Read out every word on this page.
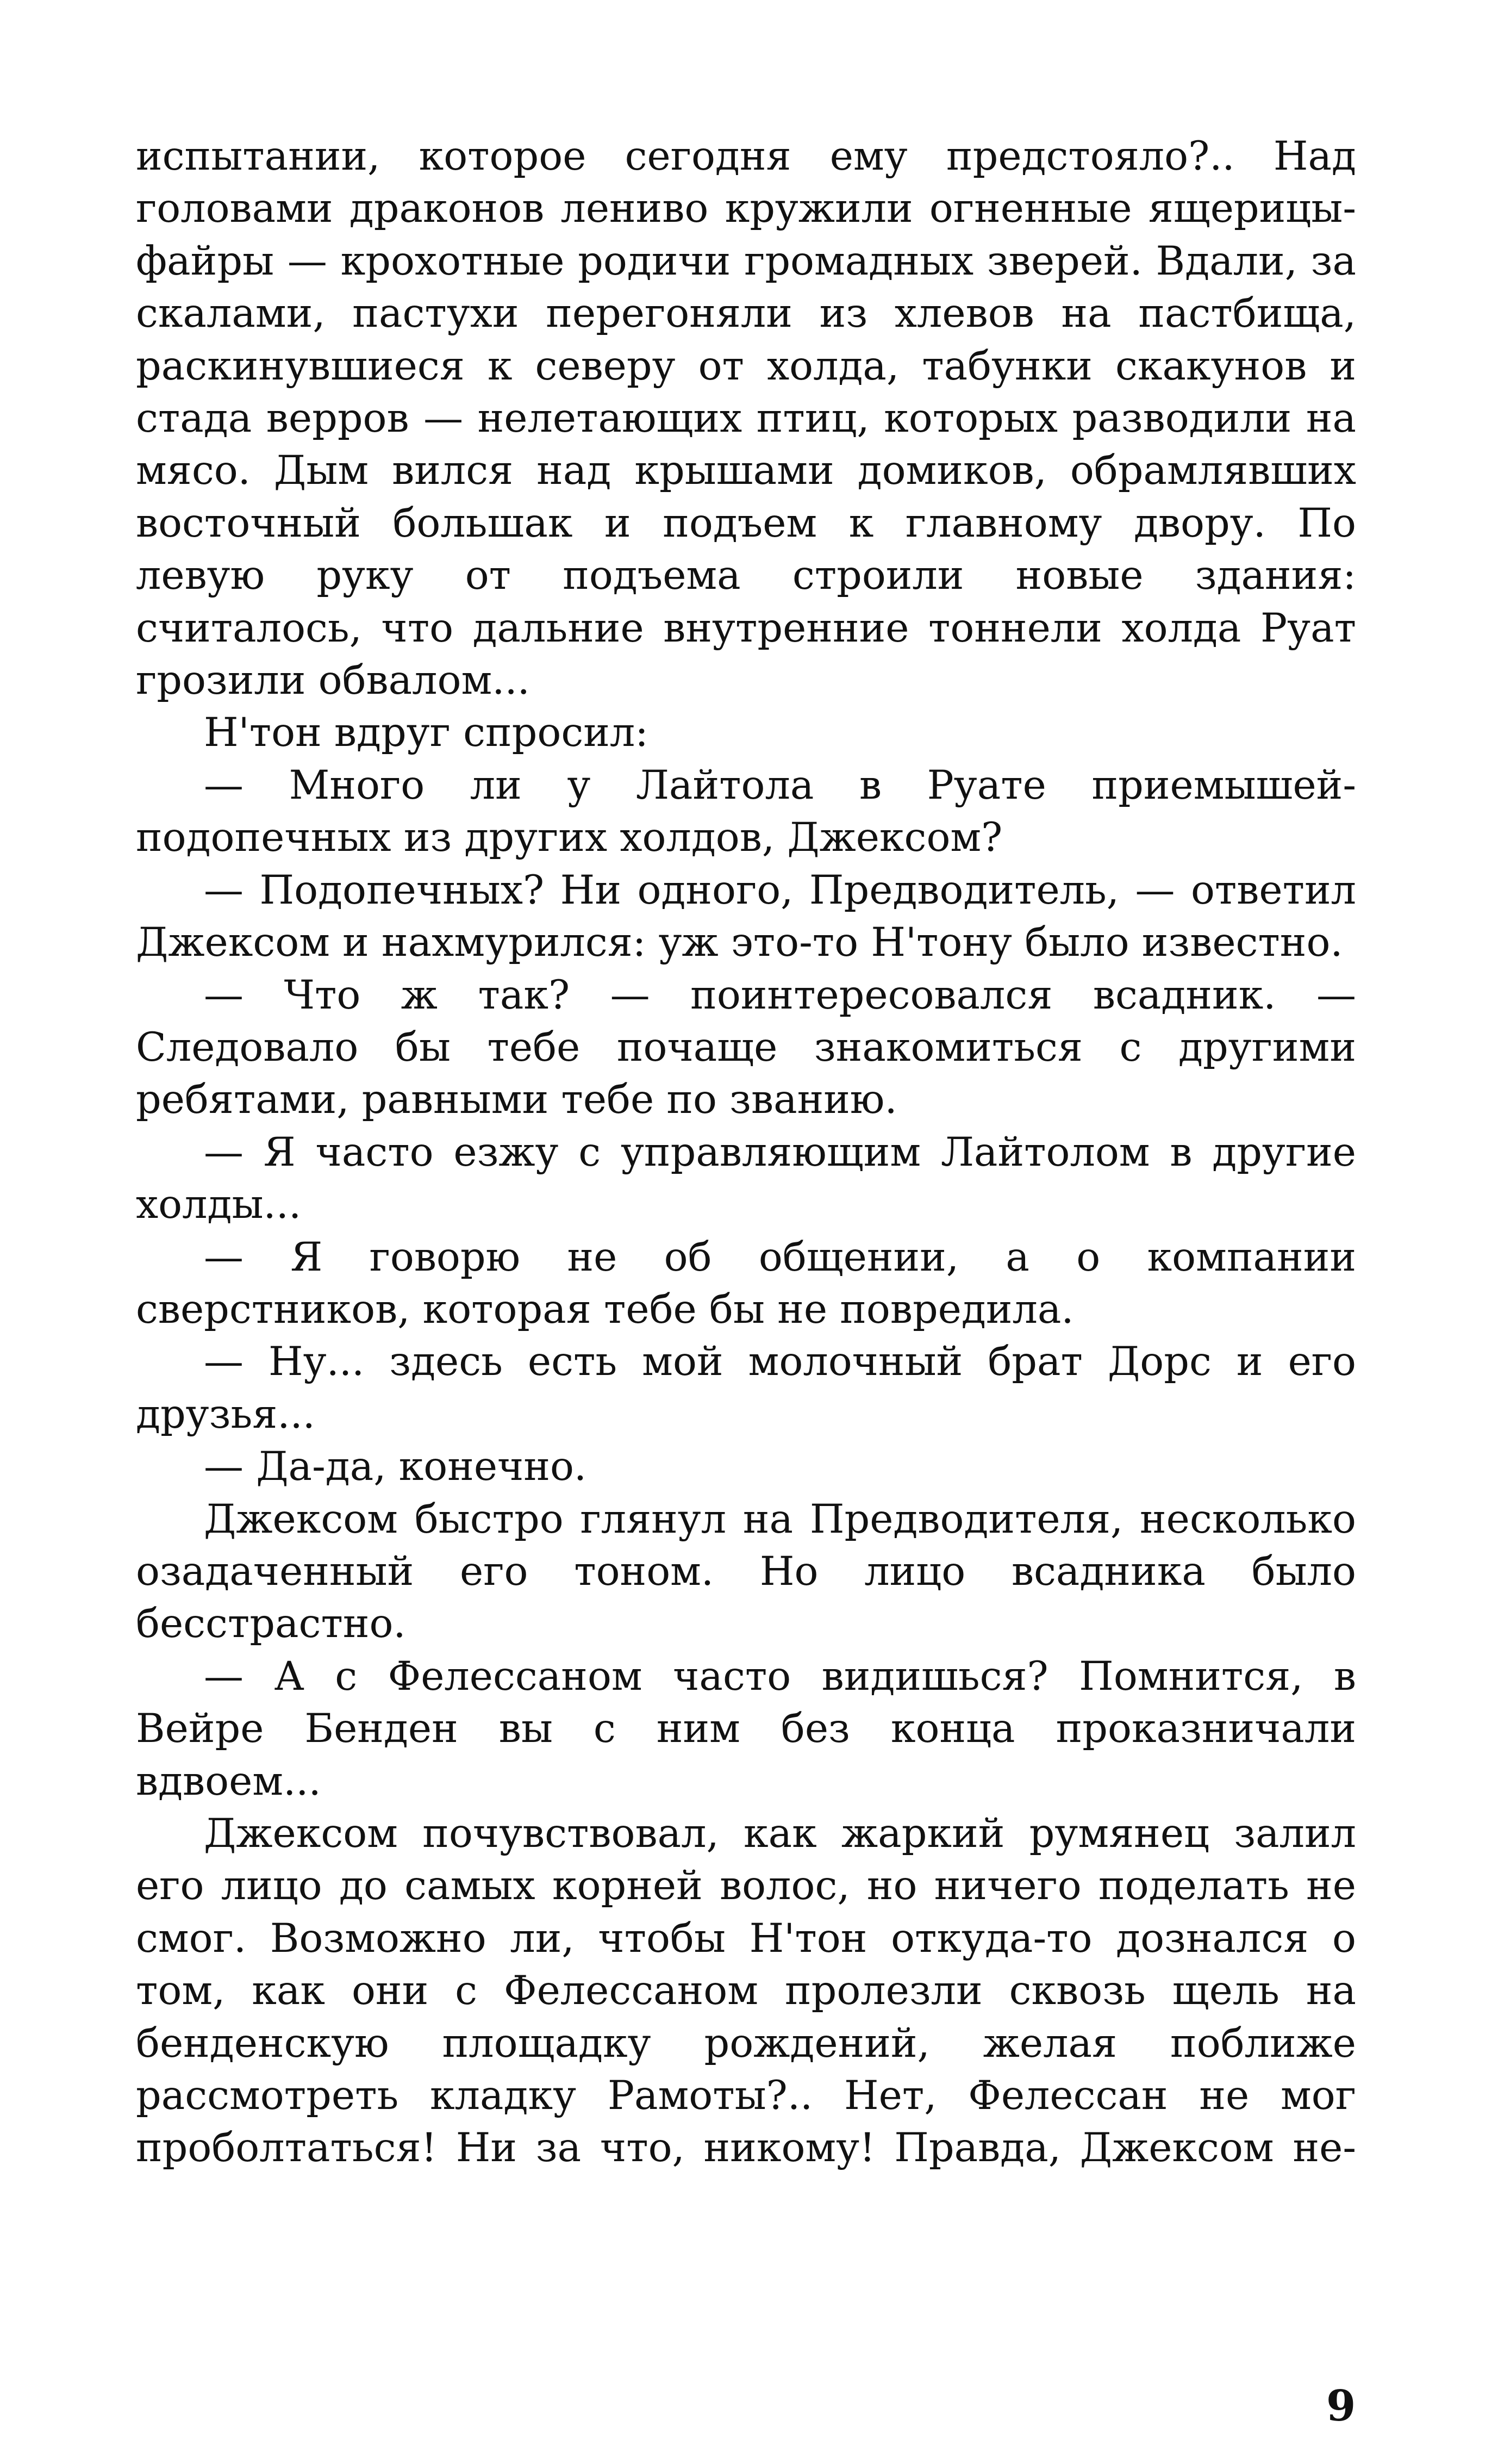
испытании, которое сегодня ему предстояло?.. Над головами драконов лениво кружили огненные ящерицы-файры — крохотные родичи громадных зверей. Вдали, за скалами, пастухи перегоняли из хлевов на пастбища, раскинувшиеся к северу от холда, табунки скакунов и стада верров — нелетающих птиц, которых разводили на мясо. Дым вился над крышами домиков, обрамлявших восточный большак и подъем к главному двору. По левую руку от подъема строили новые здания: считалось, что дальние внутренние тоннели холда Руат грозили обвалом...

Н'тон вдруг спросил:

— Много ли у Лайтола в Руате приемышей-подопечных из других холдов, Джексом?

— Подопечных? Ни одного, Предводитель, — ответил Джексом и нахмурился: уж это-то Н'тону было известно.

— Что ж так? — поинтересовался всадник. — Следовало бы тебе почаще знакомиться с другими ребятами, равными тебе по званию.

— Я часто езжу с управляющим Лайтолом в другие холды...

— Я говорю не об общении, а о компании сверстников, которая тебе бы не повредила.

— Ну... здесь есть мой молочный брат Дорс и его друзья...

— Да-да, конечно.

Джексом быстро глянул на Предводителя, несколько озадаченный его тоном. Но лицо всадника было бесстрастно.

— А с Фелессаном часто видишься? Помнится, в Вейре Бенден вы с ним без конца проказничали вдвоем...

Джексом почувствовал, как жаркий румянец залил его лицо до самых корней волос, но ничего поделать не смог. Возможно ли, чтобы Н'тон откуда-то дознался о том, как они с Фелессаном пролезли сквозь щель на бенденскую площадку рождений, желая поближе рассмотреть кладку Рамоты?.. Нет, Фелессан не мог проболтаться! Ни за что, никому! Правда, Джексом не-

9
